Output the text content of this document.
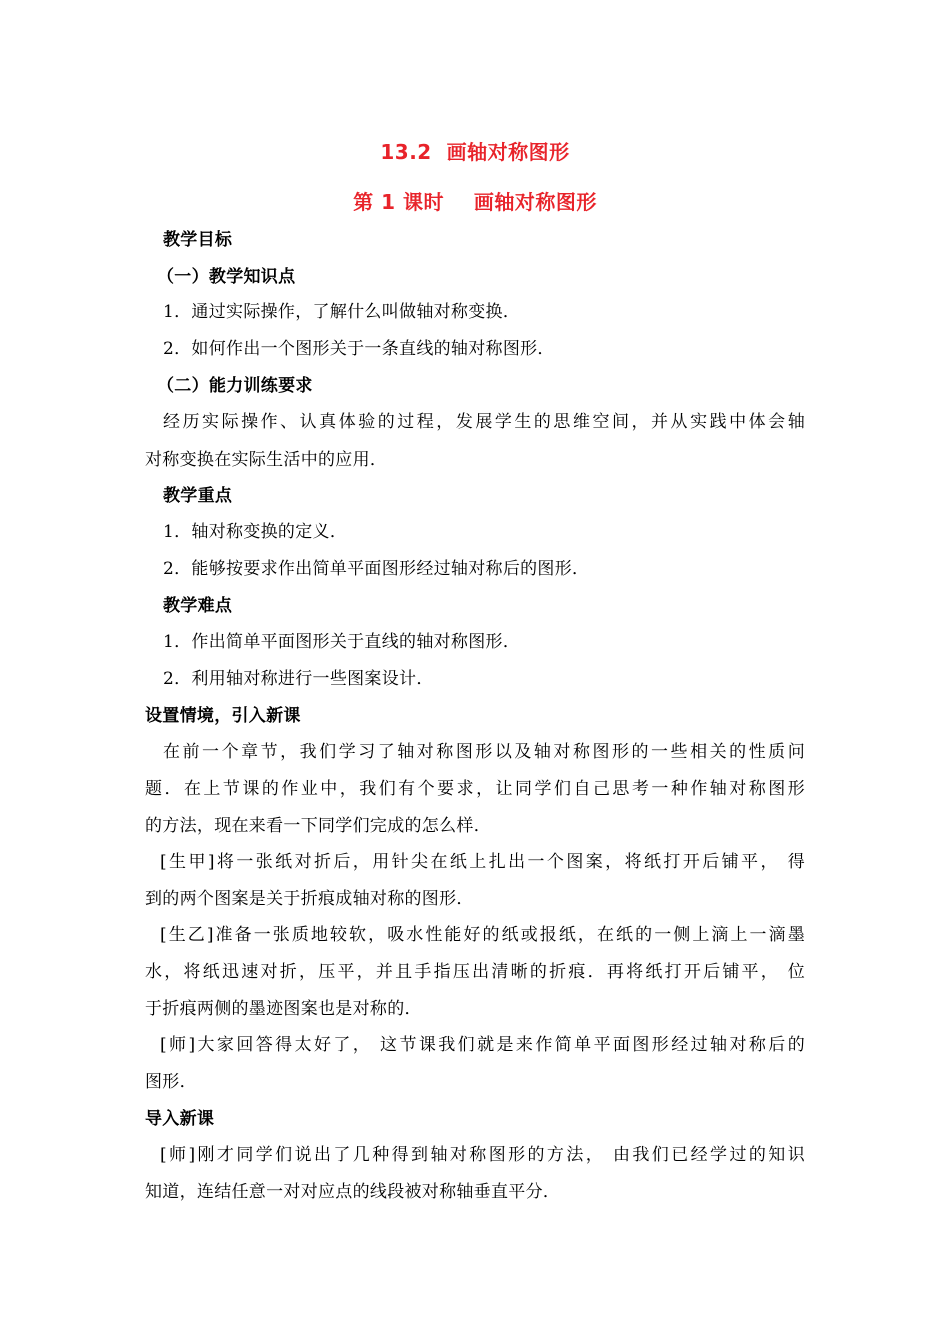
13.2  画轴对称图形
第 1 课时    画轴对称图形
教学目标
（一）教学知识点
1．通过实际操作，了解什么叫做轴对称变换．
2．如何作出一个图形关于一条直线的轴对称图形．
（二）能力训练要求
经历实际操作、认真体验的过程，发展学生的思维空间，并从实践中体会轴
对称变换在实际生活中的应用．
教学重点
1．轴对称变换的定义．
2．能够按要求作出简单平面图形经过轴对称后的图形．
教学难点
1．作出简单平面图形关于直线的轴对称图形．
2．利用轴对称进行一些图案设计．
设置情境，引入新课
在前一个章节，我们学习了轴对称图形以及轴对称图形的一些相关的性质问
题．在上节课的作业中，我们有个要求，让同学们自己思考一种作轴对称图形
的方法，现在来看一下同学们完成的怎么样．
[生甲]将一张纸对折后，用针尖在纸上扎出一个图案，将纸打开后铺平， 得
到的两个图案是关于折痕成轴对称的图形．
[生乙]准备一张质地较软，吸水性能好的纸或报纸，在纸的一侧上滴上一滴墨
水，将纸迅速对折，压平，并且手指压出清晰的折痕．再将纸打开后铺平， 位
于折痕两侧的墨迹图案也是对称的．
[师]大家回答得太好了， 这节课我们就是来作简单平面图形经过轴对称后的
图形．
导入新课
[师]刚才同学们说出了几种得到轴对称图形的方法， 由我们已经学过的知识
知道，连结任意一对对应点的线段被对称轴垂直平分．
